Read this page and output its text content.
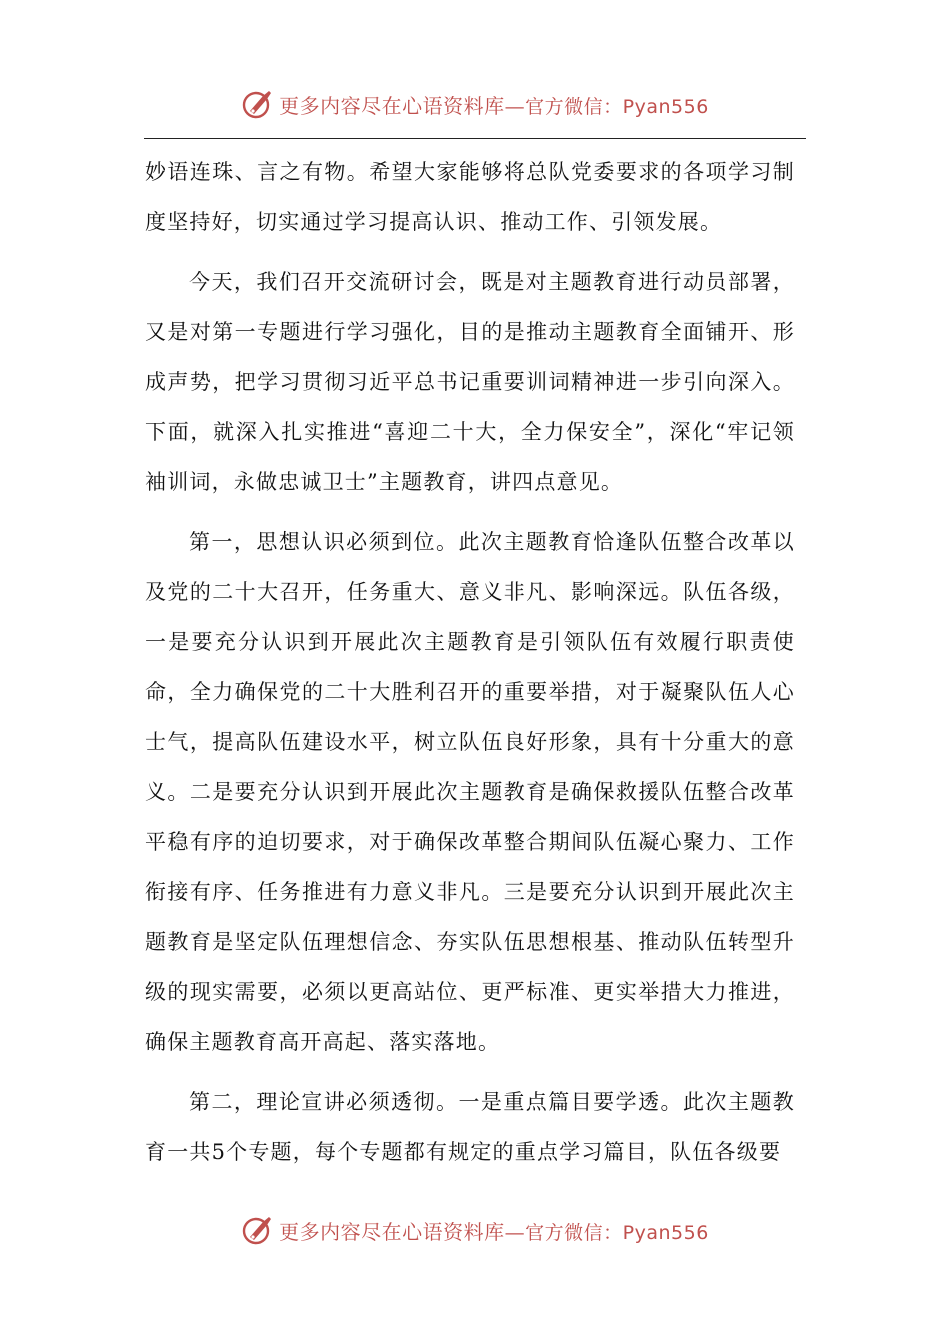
更多内容尽在心语资料库—官方微信：Pyan556

妙语连珠、言之有物。希望大家能够将总队党委要求的各项学习制度坚持好，切实通过学习提高认识、推动工作、引领发展。

今天，我们召开交流研讨会，既是对主题教育进行动员部署，又是对第一专题进行学习强化，目的是推动主题教育全面铺开、形成声势，把学习贯彻习近平总书记重要训词精神进一步引向深入。下面，就深入扎实推进“喜迎二十大，全力保安全”，深化“牢记领袖训词，永做忠诚卫士”主题教育，讲四点意见。

第一，思想认识必须到位。此次主题教育恰逢队伍整合改革以及党的二十大召开，任务重大、意义非凡、影响深远。队伍各级，一是要充分认识到开展此次主题教育是引领队伍有效履行职责使命，全力确保党的二十大胜利召开的重要举措，对于凝聚队伍人心士气，提高队伍建设水平，树立队伍良好形象，具有十分重大的意义。二是要充分认识到开展此次主题教育是确保救援队伍整合改革平稳有序的迫切要求，对于确保改革整合期间队伍凝心聚力、工作衔接有序、任务推进有力意义非凡。三是要充分认识到开展此次主题教育是坚定队伍理想信念、夯实队伍思想根基、推动队伍转型升级的现实需要，必须以更高站位、更严标准、更实举措大力推进，确保主题教育高开高起、落实落地。

第二，理论宣讲必须透彻。一是重点篇目要学透。此次主题教育一共5个专题，每个专题都有规定的重点学习篇目，队伍各级要

更多内容尽在心语资料库—官方微信：Pyan556
